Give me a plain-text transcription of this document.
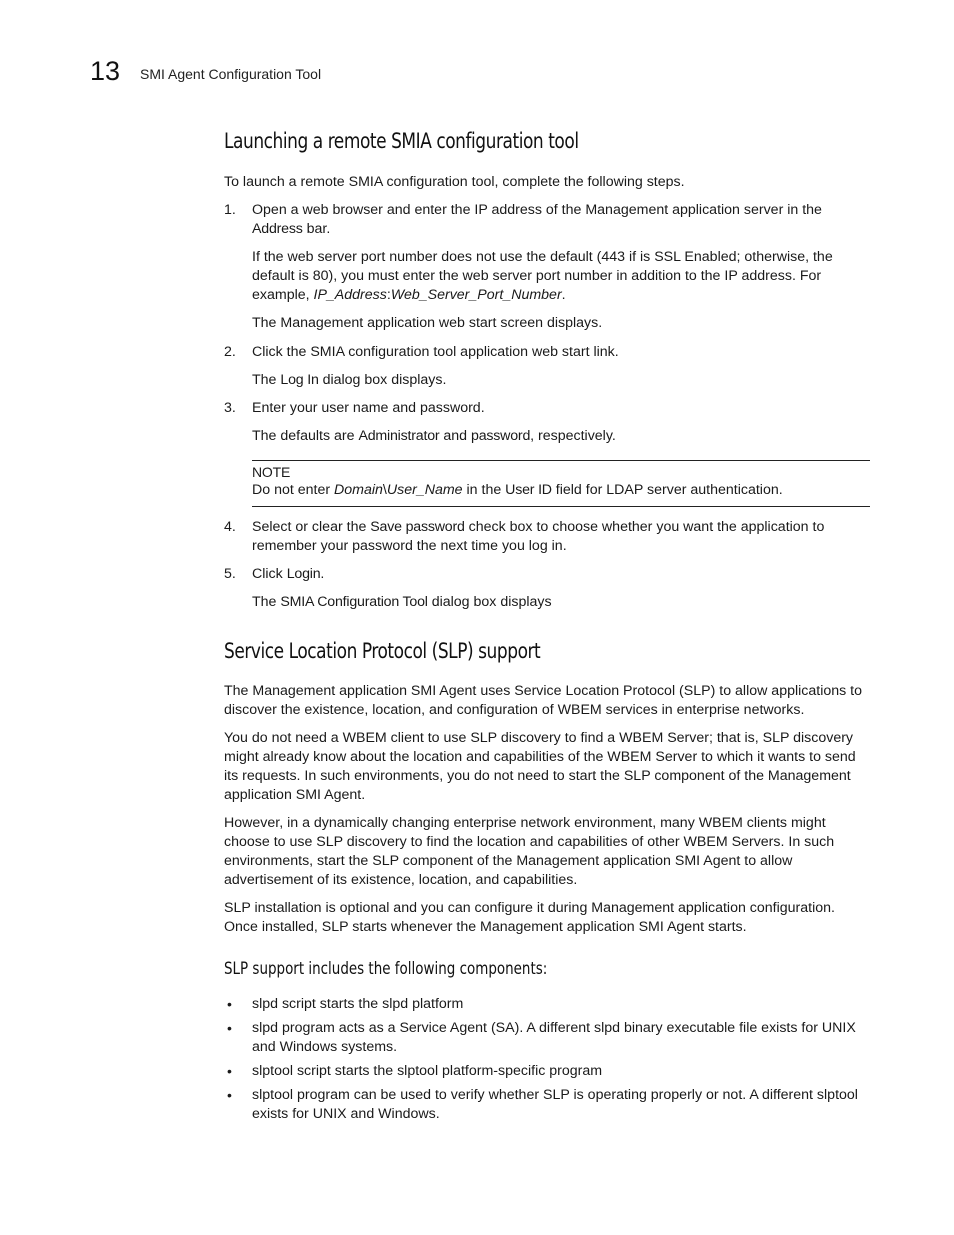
13 SMI Agent Configuration Tool
Launching a remote SMIA configuration tool

To launch a remote SMIA configuration tool, complete the following steps.

1. Open a web browser and enter the IP address of the Management application server in the Address bar.

If the web server port number does not use the default (443 if is SSL Enabled; otherwise, the default is 80), you must enter the web server port number in addition to the IP address. For example, IP_Address:Web_Server_Port_Number.

The Management application web start screen displays.

2. Click the SMIA configuration tool application web start link.

The Log In dialog box displays.

3. Enter your user name and password.

The defaults are Administrator and password, respectively.

NOTE

Do not enter Domain\User_Name in the User ID field for LDAP server authentication.

4. Select or clear the Save password check box to choose whether you want the application to remember your password the next time you log in.

5. Click Login.

The SMIA Configuration Tool dialog box displays

Service Location Protocol (SLP) support

The Management application SMI Agent uses Service Location Protocol (SLP) to allow applications to discover the existence, location, and configuration of WBEM services in enterprise networks.

You do not need a WBEM client to use SLP discovery to find a WBEM Server; that is, SLP discovery might already know about the location and capabilities of the WBEM Server to which it wants to send its requests. In such environments, you do not need to start the SLP component of the Management application SMI Agent.

However, in a dynamically changing enterprise network environment, many WBEM clients might choose to use SLP discovery to find the location and capabilities of other WBEM Servers. In such environments, start the SLP component of the Management application SMI Agent to allow advertisement of its existence, location, and capabilities.

SLP installation is optional and you can configure it during Management application configuration. Once installed, SLP starts whenever the Management application SMI Agent starts.

SLP support includes the following components:
• slpd script starts the slpd platform
• slpd program acts as a Service Agent (SA). A different slpd binary executable file exists for UNIX and Windows systems.
• slptool script starts the slptool platform-specific program
• slptool program can be used to verify whether SLP is operating properly or not. A different slptool exists for UNIX and Windows.
